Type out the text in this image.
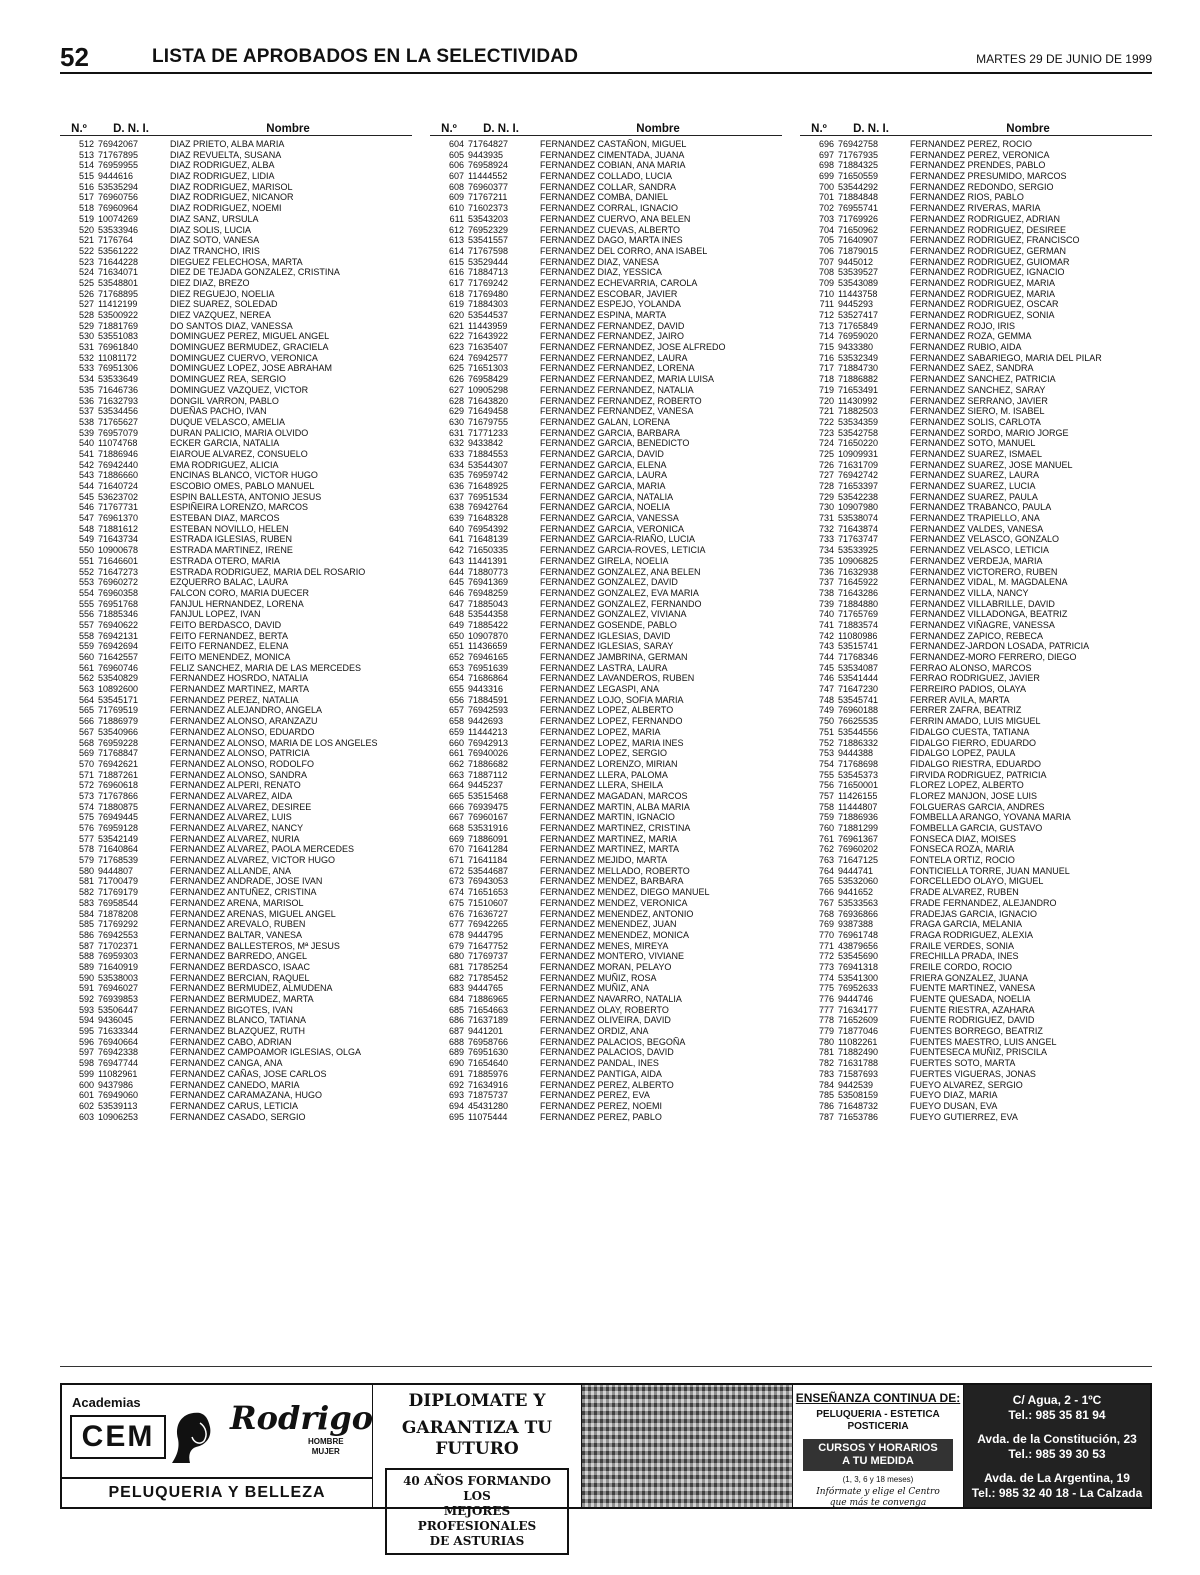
52	LISTA DE APROBADOS EN LA SELECTIVIDAD	MARTES 29 DE JUNIO DE 1999
N.º	D. N. I.	Nombre
512 76942067	DIAZ PRIETO, ALBA MARIA
513 71767895	DIAZ REVUELTA, SUSANA
514 76959955	DIAZ RODRIGUEZ, ALBA
515 9444616	DIAZ RODRIGUEZ, LIDIA
516 53535294	DIAZ RODRIGUEZ, MARISOL
517 76960756	DIAZ RODRIGUEZ, NICANOR
518 76960964	DIAZ RODRIGUEZ, NOEMI
519 10074269	DIAZ SANZ, URSULA
520 53533946	DIAZ SOLIS, LUCIA
521 7176764	DIAZ SOTO, VANESA
522 53561222	DIAZ TRANCHO, IRIS
523 71644228	DIEGUEZ FELECHOSA, MARTA
524 71634071	DIEZ DE TEJADA GONZALEZ, CRISTINA
525 53548801	DIEZ DIAZ, BREZO
526 71768895	DIEZ REGUEJO, NOELIA
527 11412199	DIEZ SUAREZ, SOLEDAD
528 53500922	DIEZ VAZQUEZ, NEREA
529 71881769	DO SANTOS DIAZ, VANESSA
530 53551083	DOMINGUEZ PEREZ, MIGUEL ANGEL
531 76961840	DOMINGUEZ BERMUDEZ, GRACIELA
532 11081172	DOMINGUEZ CUERVO, VERONICA
533 76951306	DOMINGUEZ LOPEZ, JOSE ABRAHAM
534 53533649	DOMINGUEZ REA, SERGIO
535 71646736	DOMINGUEZ VAZQUEZ, VICTOR
536 71632793	DONGIL VARRON, PABLO
537 53534456	DUEÑAS PACHO, IVAN
538 71765627	DUQUE VELASCO, AMELIA
539 76957079	DURAN PALICIO, MARIA OLVIDO
540 11074768	ECKER GARCIA, NATALIA
541 71886946	EIAROUE ALVAREZ, CONSUELO
542 76942440	EMA RODRIGUEZ, ALICIA
543 71886660	ENCINAS BLANCO, VICTOR HUGO
544 71640724	ESCOBIO OMES, PABLO MANUEL
545 53623702	ESPIN BALLESTA, ANTONIO JESUS
546 71767731	ESPIÑEIRA LORENZO, MARCOS
547 76961370	ESTEBAN DIAZ, MARCOS
548 71881612	ESTEBAN NOVILLO, HELEN
549 71643734	ESTRADA IGLESIAS, RUBEN
550 10900678	ESTRADA MARTINEZ, IRENE
551 71646601	ESTRADA OTERO, MARIA
552 71647273	ESTRADA RODRIGUEZ, MARIA DEL ROSARIO
553 76960272	EZQUERRO BALAC, LAURA
554 76960358	FALCON CORO, MARIA DUECER
555 76951768	FANJUL HERNANDEZ, LORENA
556 71885346	FANJUL LOPEZ, IVAN
557 76940622	FEITO BERDASCO, DAVID
558 76942131	FEITO FERNANDEZ, BERTA
559 76942694	FEITO FERNANDEZ, ELENA
560 71642557	FEITO MENENDEZ, MONICA
561 76960746	FELIZ SANCHEZ, MARIA DE LAS MERCEDES
562 53540829	FERNANDEZ HOSRDO, NATALIA
563 10892600	FERNANDEZ MARTINEZ, MARTA
564 53545171	FERNANDEZ PEREZ, NATALIA
565 71769519	FERNANDEZ ALEJANDRO, ANGELA
566 71886979	FERNANDEZ ALONSO, ARANZAZU
567 53540966	FERNANDEZ ALONSO, EDUARDO
568 76959228	FERNANDEZ ALONSO, MARIA DE LOS ANGELES
569 71768847	FERNANDEZ ALONSO, PATRICIA
570 76942621	FERNANDEZ ALONSO, RODOLFO
571 71887261	FERNANDEZ ALONSO, SANDRA
572 76960618	FERNANDEZ ALPERI, RENATO
573 71767866	FERNANDEZ ALVAREZ, AIDA
574 71880875	FERNANDEZ ALVAREZ, DESIREE
575 76949445	FERNANDEZ ALVAREZ, LUIS
576 76959128	FERNANDEZ ALVAREZ, NANCY
577 53542149	FERNANDEZ ALVAREZ, NURIA
578 71640864	FERNANDEZ ALVAREZ, PAOLA MERCEDES
579 71768539	FERNANDEZ ALVAREZ, VICTOR HUGO
580 9444807	FERNANDEZ ALLANDE, ANA
581 71700479	FERNANDEZ ANDRADE, JOSE IVAN
582 71769179	FERNANDEZ ANTUÑEZ, CRISTINA
583 76958544	FERNANDEZ ARENA, MARISOL
584 71878208	FERNANDEZ ARENAS, MIGUEL ANGEL
585 71769292	FERNANDEZ AREVALO, RUBEN
586 76942553	FERNANDEZ BALTAR, VANESA
587 71702371	FERNANDEZ BALLESTEROS, Mª JESUS
588 76959303	FERNANDEZ BARREDO, ANGEL
589 71640919	FERNANDEZ BERDASCO, ISAAC
590 53538003	FERNANDEZ BERCIAN, RAQUEL
591 76946027	FERNANDEZ BERMUDEZ, ALMUDENA
592 76939853	FERNANDEZ BERMUDEZ, MARTA
593 53506447	FERNANDEZ BIGOTES, IVAN
594 9436045	FERNANDEZ BLANCO, TATIANA
595 71633344	FERNANDEZ BLAZQUEZ, RUTH
596 76940664	FERNANDEZ CABO, ADRIAN
597 76942338	FERNANDEZ CAMPOAMOR IGLESIAS, OLGA
598 76947744	FERNANDEZ CANGA, ANA
599 11082961	FERNANDEZ CAÑAS, JOSE CARLOS
600 9437986	FERNANDEZ CANEDO, MARIA
601 76949060	FERNANDEZ CARAMAZANA, HUGO
602 53539113	FERNANDEZ CARUS, LETICIA
603 10906253	FERNANDEZ CASADO, SERGIO
N.º	D. N. I.	Nombre
604 71764827	FERNANDEZ CASTAÑON, MIGUEL
605 9443935	FERNANDEZ CIMENTADA, JUANA
606 76958924	FERNANDEZ COBIAN, ANA MARIA
607 11444552	FERNANDEZ COLLADO, LUCIA
608 76960377	FERNANDEZ COLLAR, SANDRA
609 71767211	FERNANDEZ COMBA, DANIEL
610 71602373	FERNANDEZ CORRAL, IGNACIO
611 53543203	FERNANDEZ CUERVO, ANA BELEN
612 76952329	FERNANDEZ CUEVAS, ALBERTO
613 53541557	FERNANDEZ DAGO, MARTA INES
614 71767598	FERNANDEZ DEL CORRO, ANA ISABEL
615 53529444	FERNANDEZ DIAZ, VANESA
616 71884713	FERNANDEZ DIAZ, YESSICA
617 71769242	FERNANDEZ ECHEVARRIA, CAROLA
618 71769480	FERNANDEZ ESCOBAR, JAVIER
619 71884303	FERNANDEZ ESPEJO, YOLANDA
620 53544537	FERNANDEZ ESPINA, MARTA
621 11443959	FERNANDEZ FERNANDEZ, DAVID
622 71643922	FERNANDEZ FERNANDEZ, JAIRO
623 71635407	FERNANDEZ FERNANDEZ, JOSE ALFREDO
624 76942577	FERNANDEZ FERNANDEZ, LAURA
625 71651303	FERNANDEZ FERNANDEZ, LORENA
626 76958429	FERNANDEZ FERNANDEZ, MARIA LUISA
627 10905298	FERNANDEZ FERNANDEZ, NATALIA
628 71643820	FERNANDEZ FERNANDEZ, ROBERTO
629 71649458	FERNANDEZ FERNANDEZ, VANESA
630 71679755	FERNANDEZ GALAN, LORENA
631 71771233	FERNANDEZ GARCIA, BARBARA
632 9433842	FERNANDEZ GARCIA, BENEDICTO
633 71884553	FERNANDEZ GARCIA, DAVID
634 53544307	FERNANDEZ GARCIA, ELENA
635 76959742	FERNANDEZ GARCIA, LAURA
636 71648925	FERNANDEZ GARCIA, MARIA
637 76951534	FERNANDEZ GARCIA, NATALIA
638 76942764	FERNANDEZ GARCIA, NOELIA
639 71648328	FERNANDEZ GARCIA, VANESSA
640 76954392	FERNANDEZ GARCIA, VERONICA
641 71648139	FERNANDEZ GARCIA-RIAÑO, LUCIA
642 71650335	FERNANDEZ GARCIA-ROVES, LETICIA
643 11441391	FERNANDEZ GIRELA, NOELIA
644 71880773	FERNANDEZ GONZALEZ, ANA BELEN
645 76941369	FERNANDEZ GONZALEZ, DAVID
646 76948259	FERNANDEZ GONZALEZ, EVA MARIA
647 71885043	FERNANDEZ GONZALEZ, FERNANDO
648 53544358	FERNANDEZ GONZALEZ, VIVIANA
649 71885422	FERNANDEZ GOSENDE, PABLO
650 10907870	FERNANDEZ IGLESIAS, DAVID
651 11436659	FERNANDEZ IGLESIAS, SARAY
652 76946165	FERNANDEZ JAMBRINA, GERMAN
653 76951639	FERNANDEZ LASTRA, LAURA
654 71686864	FERNANDEZ LAVANDEROS, RUBEN
655 9443316	FERNANDEZ LEGASPI, ANA
656 71884591	FERNANDEZ LOJO, SOFIA MARIA
657 76942593	FERNANDEZ LOPEZ, ALBERTO
658 9442693	FERNANDEZ LOPEZ, FERNANDO
659 11444213	FERNANDEZ LOPEZ, MARIA
660 76942913	FERNANDEZ LOPEZ, MARIA INES
661 76940026	FERNANDEZ LOPEZ, SERGIO
662 71886682	FERNANDEZ LORENZO, MIRIAN
663 71887112	FERNANDEZ LLERA, PALOMA
664 9445237	FERNANDEZ LLERA, SHEILA
665 53515468	FERNANDEZ MAGADAN, MARCOS
666 76939475	FERNANDEZ MARTIN, ALBA MARIA
667 76960167	FERNANDEZ MARTIN, IGNACIO
668 53531916	FERNANDEZ MARTINEZ, CRISTINA
669 71886091	FERNANDEZ MARTINEZ, MARIA
670 71641284	FERNANDEZ MARTINEZ, MARTA
671 71641184	FERNANDEZ MEJIDO, MARTA
672 53544687	FERNANDEZ MELLADO, ROBERTO
673 76943053	FERNANDEZ MENDEZ, BARBARA
674 71651653	FERNANDEZ MENDEZ, DIEGO MANUEL
675 71510607	FERNANDEZ MENDEZ, VERONICA
676 71636727	FERNANDEZ MENENDEZ, ANTONIO
677 76942265	FERNANDEZ MENENDEZ, JUAN
678 9444795	FERNANDEZ MENENDEZ, MONICA
679 71647752	FERNANDEZ MENES, MIREYA
680 71769737	FERNANDEZ MONTERO, VIVIANE
681 71785254	FERNANDEZ MORAN, PELAYO
682 71785452	FERNANDEZ MUÑIZ, ROSA
683 9444765	FERNANDEZ MUÑIZ, ANA
684 71886965	FERNANDEZ NAVARRO, NATALIA
685 71654663	FERNANDEZ OLAY, ROBERTO
686 71637189	FERNANDEZ OLIVEIRA, DAVID
687 9441201	FERNANDEZ ORDIZ, ANA
688 76958766	FERNANDEZ PALACIOS, BEGOÑA
689 76951630	FERNANDEZ PALACIOS, DAVID
690 71654640	FERNANDEZ PANDAL, INES
691 71885976	FERNANDEZ PANTIGA, AIDA
692 71634916	FERNANDEZ PEREZ, ALBERTO
693 71875737	FERNANDEZ PEREZ, EVA
694 45431280	FERNANDEZ PEREZ, NOEMI
695 11075444	FERNANDEZ PEREZ, PABLO
N.º	D. N. I.	Nombre
696 76942758	FERNANDEZ PEREZ, ROCIO
697 71767935	FERNANDEZ PEREZ, VERONICA
698 71884325	FERNANDEZ PRENDES, PABLO
699 71650559	FERNANDEZ PRESUMIDO, MARCOS
700 53544292	FERNANDEZ REDONDO, SERGIO
701 71884848	FERNANDEZ RIOS, PABLO
702 76955741	FERNANDEZ RIVERAS, MARIA
703 71769926	FERNANDEZ RODRIGUEZ, ADRIAN
704 71650962	FERNANDEZ RODRIGUEZ, DESIREE
705 71640907	FERNANDEZ RODRIGUEZ, FRANCISCO
706 71879015	FERNANDEZ RODRIGUEZ, GERMAN
707 9445012	FERNANDEZ RODRIGUEZ, GUIOMAR
708 53539527	FERNANDEZ RODRIGUEZ, IGNACIO
709 53543089	FERNANDEZ RODRIGUEZ, MARIA
710 11443758	FERNANDEZ RODRIGUEZ, MARIA
711 9445293	FERNANDEZ RODRIGUEZ, OSCAR
712 53527417	FERNANDEZ RODRIGUEZ, SONIA
713 71765849	FERNANDEZ ROJO, IRIS
714 76959020	FERNANDEZ ROZA, GEMMA
715 9433380	FERNANDEZ RUBIO, AIDA
716 53532349	FERNANDEZ SABARIEGO, MARIA DEL PILAR
717 71884730	FERNANDEZ SAEZ, SANDRA
718 71886882	FERNANDEZ SANCHEZ, PATRICIA
719 71653491	FERNANDEZ SANCHEZ, SARAY
720 11430992	FERNANDEZ SERRANO, JAVIER
721 71882503	FERNANDEZ SIERO, M. ISABEL
722 53534359	FERNANDEZ SOLIS, CARLOTA
723 53542758	FERNANDEZ SORDO, MARIO JORGE
724 71650220	FERNANDEZ SOTO, MANUEL
725 10909931	FERNANDEZ SUAREZ, ISMAEL
726 71631709	FERNANDEZ SUAREZ, JOSE MANUEL
727 76942742	FERNANDEZ SUAREZ, LAURA
728 71653397	FERNANDEZ SUAREZ, LUCIA
729 53542238	FERNANDEZ SUAREZ, PAULA
730 10907980	FERNANDEZ TRABANCO, PAULA
731 53538074	FERNANDEZ TRAPIELLO, ANA
732 71643874	FERNANDEZ VALDES, VANESA
733 71763747	FERNANDEZ VELASCO, GONZALO
734 53533925	FERNANDEZ VELASCO, LETICIA
735 10906825	FERNANDEZ VERDEJA, MARIA
736 71632938	FERNANDEZ VICTORERO, RUBEN
737 71645922	FERNANDEZ VIDAL, M. MAGDALENA
738 71643286	FERNANDEZ VILLA, NANCY
739 71884880	FERNANDEZ VILLABRILLE, DAVID
740 71765769	FERNANDEZ VILLADONGA, BEATRIZ
741 71883574	FERNANDEZ VIÑAGRE, VANESSA
742 11080986	FERNANDEZ ZAPICO, REBECA
743 53515741	FERNANDEZ-JARDON LOSADA, PATRICIA
744 71768346	FERNANDEZ-MORO FERRERO, DIEGO
745 53534087	FERRAO ALONSO, MARCOS
746 53541444	FERRAO RODRIGUEZ, JAVIER
747 71647230	FERREIRO PADIOS, OLAYA
748 53545741	FERRER AVILA, MARTA
749 76960188	FERRER ZAFRA, BEATRIZ
750 76625535	FERRIN AMADO, LUIS MIGUEL
751 53544556	FIDALGO CUESTA, TATIANA
752 71886332	FIDALGO FIERRO, EDUARDO
753 9444388	FIDALGO LOPEZ, PAULA
754 71768698	FIDALGO RIESTRA, EDUARDO
755 53545373	FIRVIDA RODRIGUEZ, PATRICIA
756 71650001	FLOREZ LOPEZ, ALBERTO
757 11426155	FLOREZ MANJON, JOSE LUIS
758 11444807	FOLGUERAS GARCIA, ANDRES
759 71886936	FOMBELLA ARANGO, YOVANA MARIA
760 71881299	FOMBELLA GARCIA, GUSTAVO
761 76961367	FONSECA DIAZ, MOISES
762 76960202	FONSECA ROZA, MARIA
763 71647125	FONTELA ORTIZ, ROCIO
764 9444741	FONTICIELLA TORRE, JUAN MANUEL
765 53532060	FORCELLEDO OLAYO, MIGUEL
766 9441652	FRADE ALVAREZ, RUBEN
767 53533563	FRADE FERNANDEZ, ALEJANDRO
768 76936866	FRADEJAS GARCIA, IGNACIO
769 9387388	FRAGA GARCIA, MELANIA
770 76961748	FRAGA RODRIGUEZ, ALEXIA
771 43879656	FRAILE VERDES, SONIA
772 53545690	FRECHILLA PRADA, INES
773 76941318	FREILE CORDO, ROCIO
774 53541300	FRIERA GONZALEZ, JUANA
775 76952633	FUENTE MARTINEZ, VANESA
776 9444746	FUENTE QUESADA, NOELIA
777 71634177	FUENTE RIESTRA, AZAHARA
778 71652609	FUENTE RODRIGUEZ, DAVID
779 71877046	FUENTES BORREGO, BEATRIZ
780 11082261	FUENTES MAESTRO, LUIS ANGEL
781 71882490	FUENTESECA MUÑIZ, PRISCILA
782 71631788	FUERTES SOTO, MARTA
783 71587693	FUERTES VIGUERAS, JONAS
784 9442539	FUEYO ALVAREZ, SERGIO
785 53508159	FUEYO DIAZ, MARIA
786 71648732	FUEYO DUSAN, EVA
787 71653786	FUEYO GUTIERREZ, EVA
Academias
CEM	Rodrigo
HOMBRE
MUJER
PELUQUERIA Y BELLEZA
DIPLOMATE Y
GARANTIZA TU FUTURO
40 AÑOS FORMANDO LOS
MEJORES PROFESIONALES
DE ASTURIAS
ENSEÑANZA CONTINUA DE:
PELUQUERIA - ESTETICA
POSTICERIA
CURSOS Y HORARIOS
A TU MEDIDA
(1, 3, 6 y 18 meses)
Infórmate y elige el Centro
que más te convenga
C/ Agua, 2 - 1ºC
Tel.: 985 35 81 94
Avda. de la Constitución, 23
Tel.: 985 39 30 53
Avda. de La Argentina, 19
Tel.: 985 32 40 18 - La Calzada
